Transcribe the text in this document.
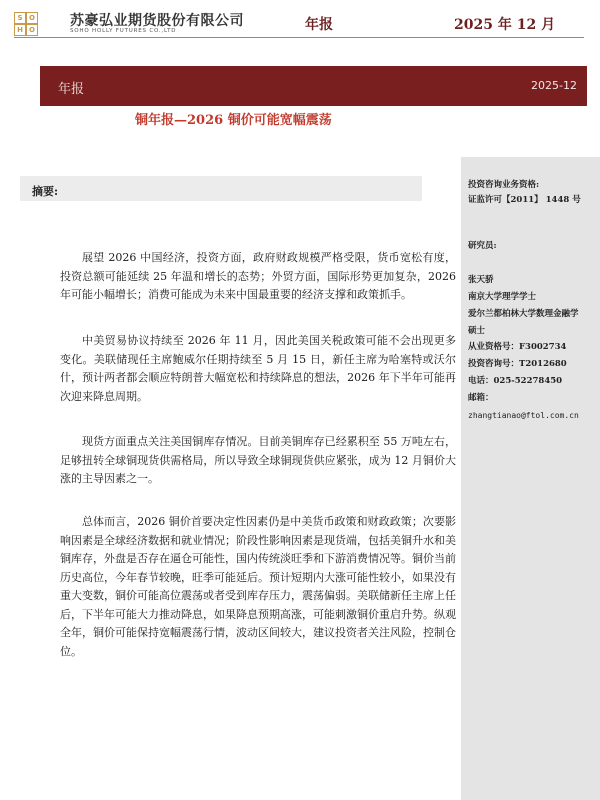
S O
H O
苏豪弘业期货股份有限公司
SOHO HOLLY FUTURES CO.,LTD	年报	2025 年 12 月
年报	2025-12
铜年报—2026 铜价可能宽幅震荡
投资咨询业务资格:
证监许可【2011】 1448 号
研究员:
张天骄
南京大学理学学士
爱尔兰都柏林大学数理金融学
硕士
从业资格号：F3002734
投资咨询号：T2012680
电话：025-52278450
邮箱：
zhangtianao@ftol.com.cn
摘要:

展望 2026 中国经济，投资方面，政府财政规模严格受限，货币宽松有度，投资总额可能延续 25 年温和增长的态势；外贸方面，国际形势更加复杂，2026 年可能小幅增长；消费可能成为未来中国最重要的经济支撑和政策抓手。

中美贸易协议持续至 2026 年 11 月，因此美国关税政策可能不会出现更多变化。美联储现任主席鲍威尔任期持续至 5 月 15 日，新任主席为哈塞特或沃尔什，预计两者都会顺应特朗普大幅宽松和持续降息的想法，2026 年下半年可能再次迎来降息周期。

现货方面重点关注美国铜库存情况。目前美铜库存已经累积至 55 万吨左右，足够扭转全球铜现货供需格局，所以导致全球铜现货供应紧张，成为 12 月铜价大涨的主导因素之一。

总体而言，2026 铜价首要决定性因素仍是中美货币政策和财政政策；次要影响因素是全球经济数据和就业情况；阶段性影响因素是现货端，包括美铜升水和美铜库存，外盘是否存在逼仓可能性，国内传统淡旺季和下游消费情况等。铜价当前历史高位，今年春节较晚，旺季可能延后。预计短期内大涨可能性较小，如果没有重大变数，铜价可能高位震荡或者受到库存压力，震荡偏弱。美联储新任主席上任后，下半年可能大力推动降息，如果降息预期高涨，可能刺激铜价重启升势。纵观全年，铜价可能保持宽幅震荡行情，波动区间较大，建议投资者关注风险，控制仓位。
